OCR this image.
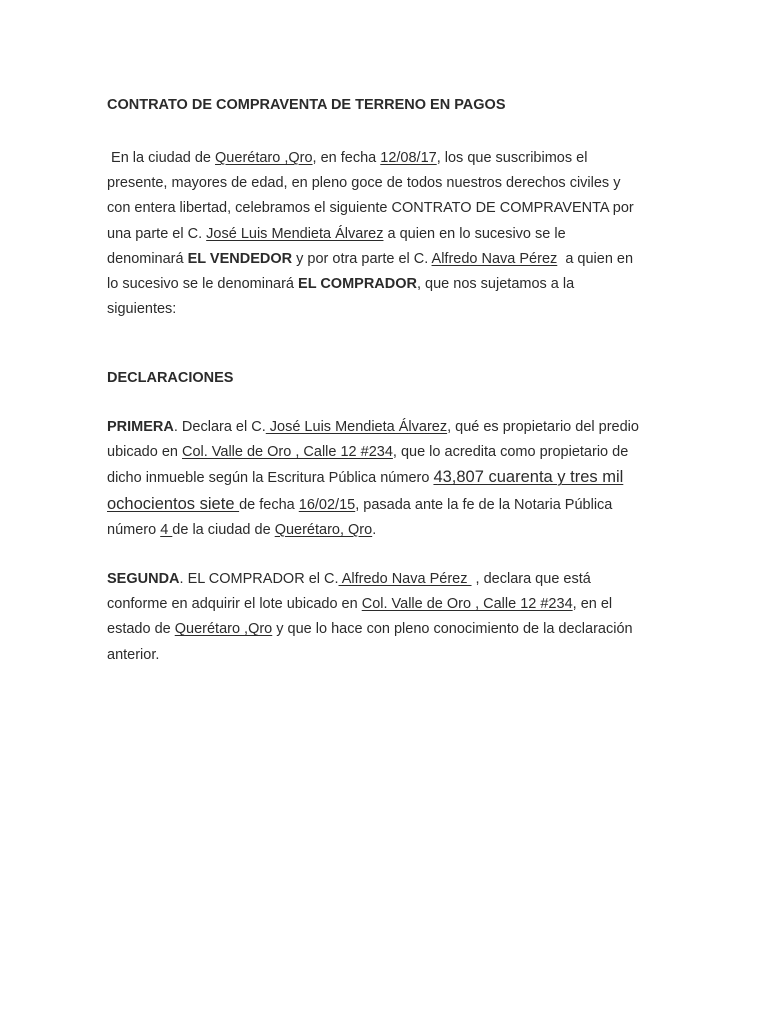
CONTRATO DE COMPRAVENTA DE TERRENO EN PAGOS
En la ciudad de Querétaro ,Qro, en fecha 12/08/17, los que suscribimos el
presente, mayores de edad, en pleno goce de todos nuestros derechos civiles y
con entera libertad, celebramos el siguiente CONTRATO DE COMPRAVENTA por
una parte el C. José Luis Mendieta Álvarez a quien en lo sucesivo se le
denominará EL VENDEDOR y por otra parte el C. Alfredo Nava Pérez  a quien en
lo sucesivo se le denominará EL COMPRADOR, que nos sujetamos a la
siguientes:
DECLARACIONES
PRIMERA. Declara el C. José Luis Mendieta Álvarez, qué es propietario del predio
ubicado en Col. Valle de Oro , Calle 12 #234, que lo acredita como propietario de
dicho inmueble según la Escritura Pública número 43,807 cuarenta y tres mil
ochocientos siete de fecha 16/02/15, pasada ante la fe de la Notaria Pública
número 4 de la ciudad de Querétaro, Qro.
SEGUNDA. EL COMPRADOR el C. Alfredo Nava Pérez  , declara que está
conforme en adquirir el lote ubicado en Col. Valle de Oro , Calle 12 #234, en el
estado de Querétaro ,Qro y que lo hace con pleno conocimiento de la declaración
anterior.
